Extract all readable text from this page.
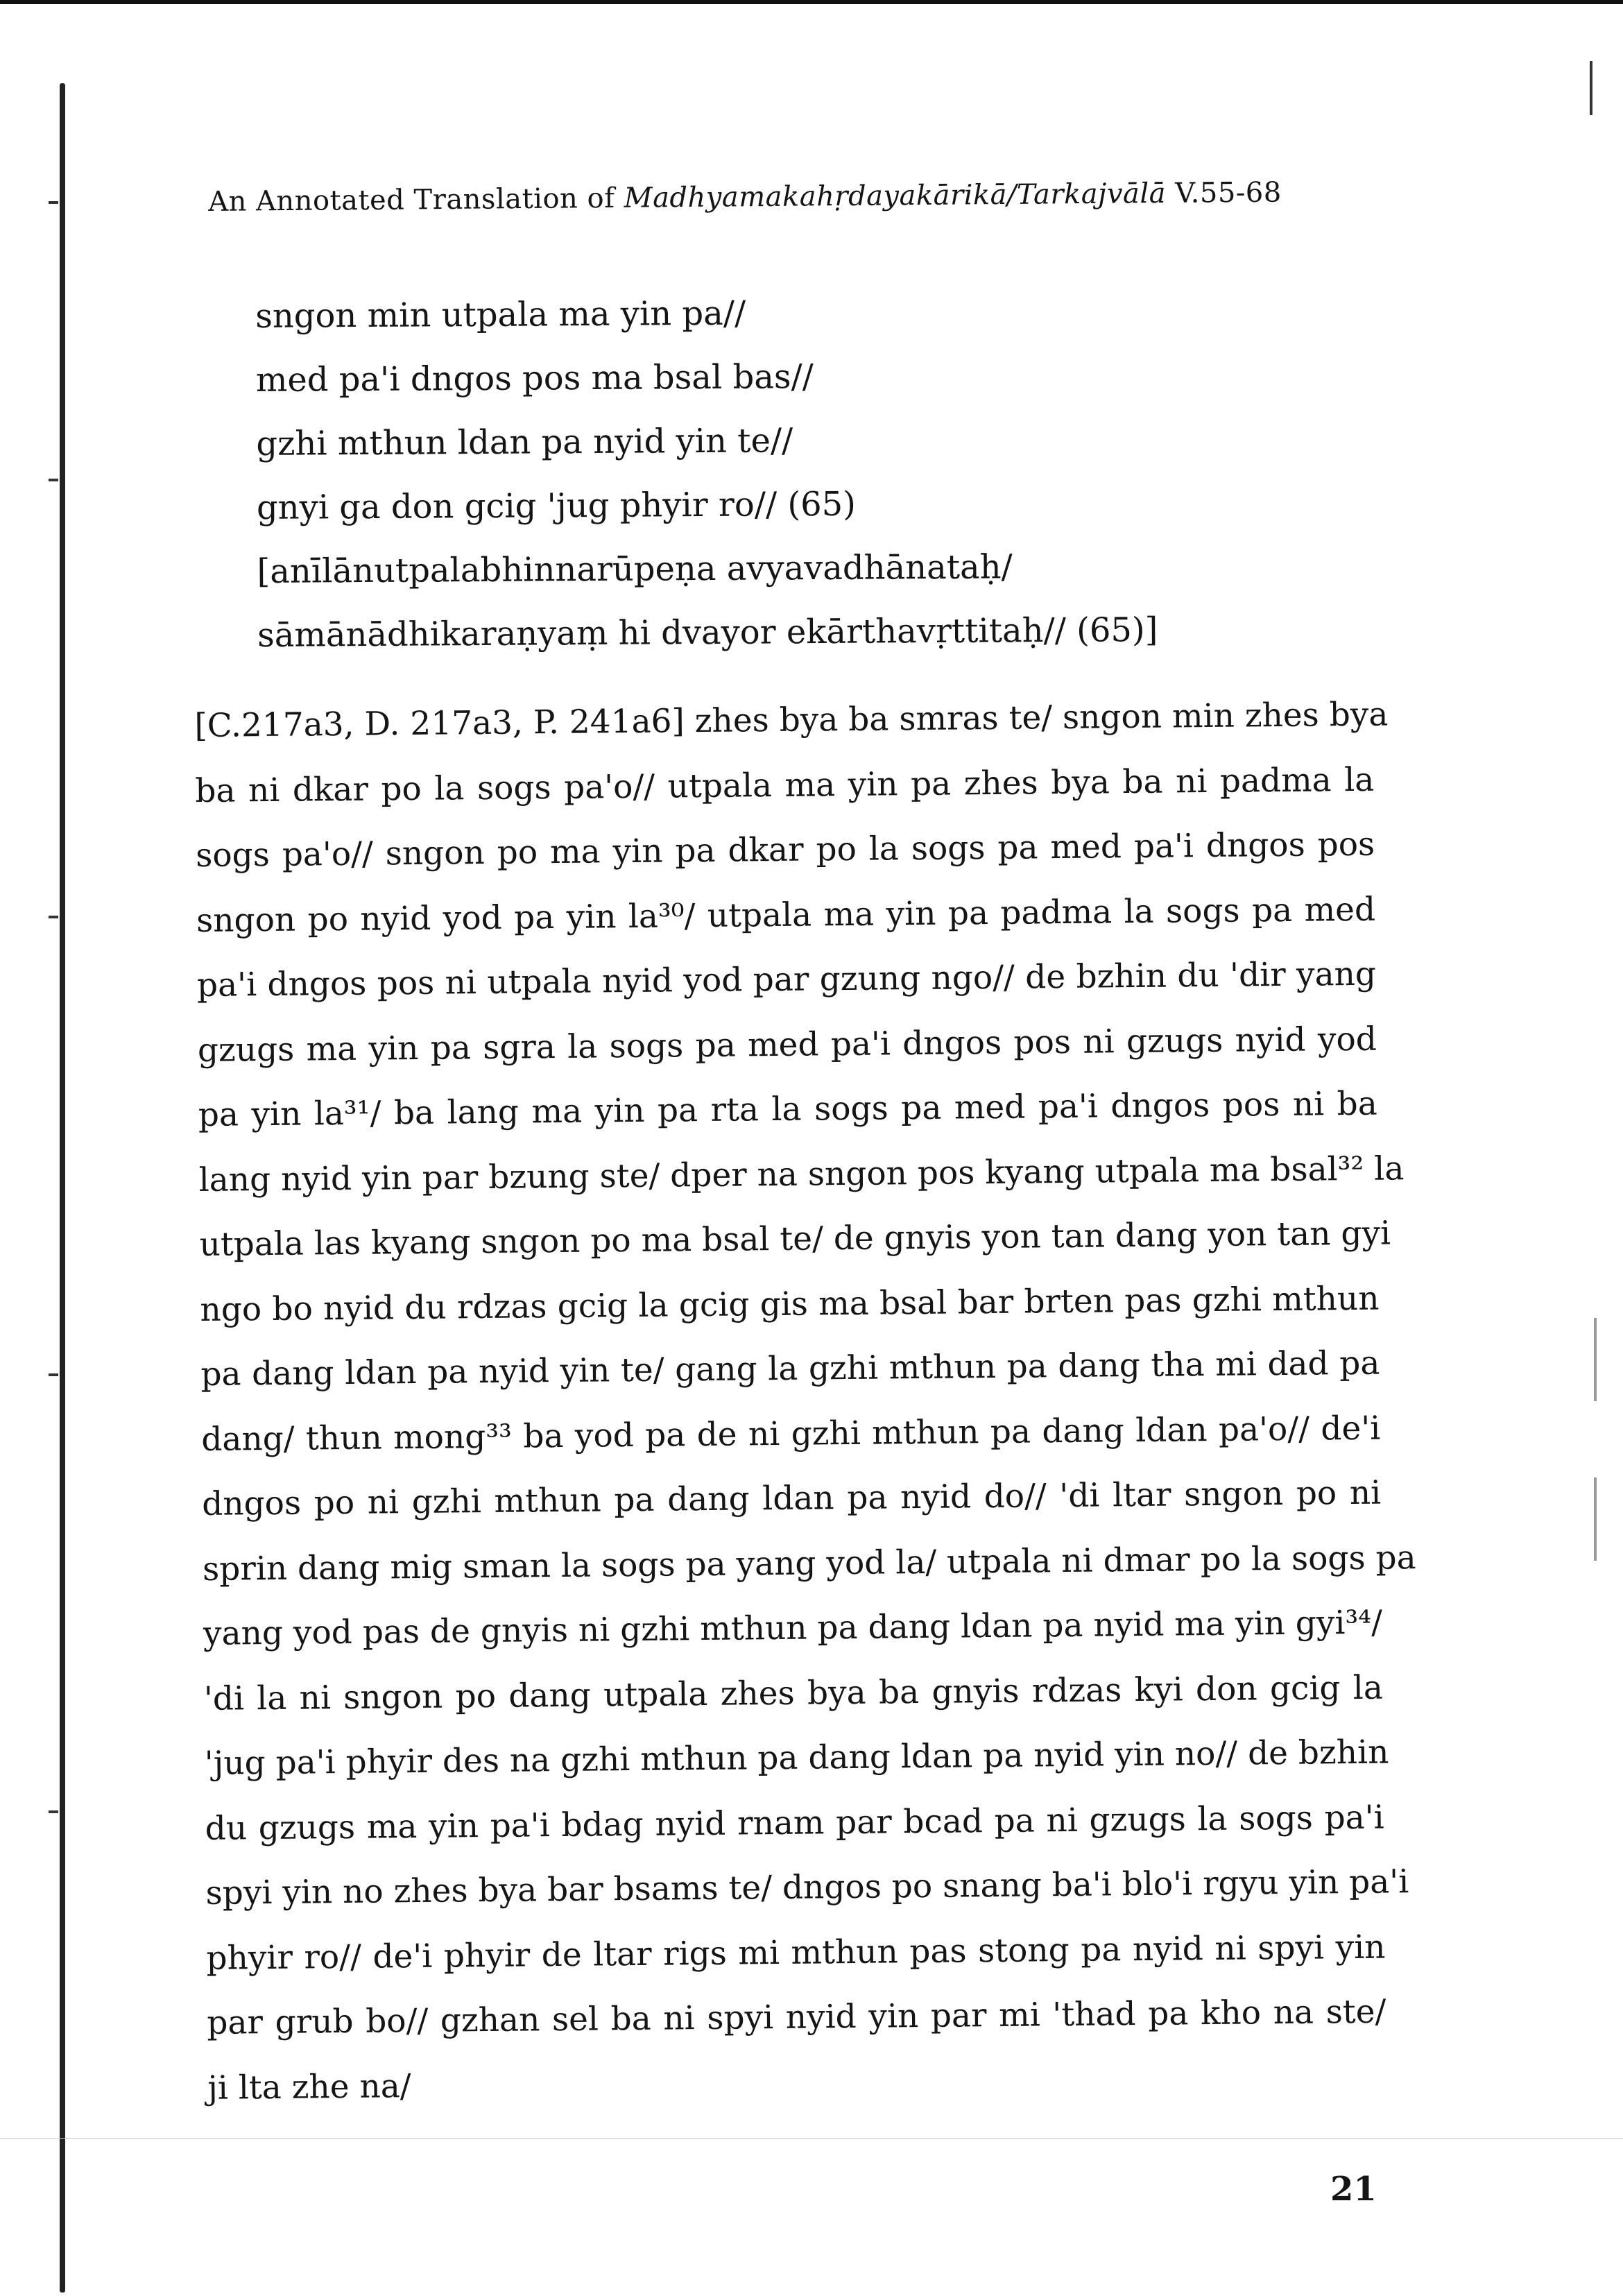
An Annotated Translation of Madhyamakahṛdayakārikā/Tarkajvālā V.55-68
sngon min utpala ma yin pa//
med pa'i dngos pos ma bsal bas//
gzhi mthun ldan pa nyid yin te//
gnyi ga don gcig 'jug phyir ro// (65)
[anīlānutpalabhinnarūpeṇa avyavadhānataḥ/
sāmānādhikaraṇyaṃ hi dvayor ekārthavṛttitaḥ// (65)]
[C.217a3, D. 217a3, P. 241a6] zhes bya ba smras te/ sngon min zhes bya
ba ni dkar po la sogs pa'o// utpala ma yin pa zhes bya ba ni padma la
sogs pa'o// sngon po ma yin pa dkar po la sogs pa med pa'i dngos pos
sngon po nyid yod pa yin la³⁰/ utpala ma yin pa padma la sogs pa med
pa'i dngos pos ni utpala nyid yod par gzung ngo// de bzhin du 'dir yang
gzugs ma yin pa sgra la sogs pa med pa'i dngos pos ni gzugs nyid yod
pa yin la³¹/ ba lang ma yin pa rta la sogs pa med pa'i dngos pos ni ba
lang nyid yin par bzung ste/ dper na sngon pos kyang utpala ma bsal³² la
utpala las kyang sngon po ma bsal te/ de gnyis yon tan dang yon tan gyi
ngo bo nyid du rdzas gcig la gcig gis ma bsal bar brten pas gzhi mthun
pa dang ldan pa nyid yin te/ gang la gzhi mthun pa dang tha mi dad pa
dang/ thun mong³³ ba yod pa de ni gzhi mthun pa dang ldan pa'o// de'i
dngos po ni gzhi mthun pa dang ldan pa nyid do// 'di ltar sngon po ni
sprin dang mig sman la sogs pa yang yod la/ utpala ni dmar po la sogs pa
yang yod pas de gnyis ni gzhi mthun pa dang ldan pa nyid ma yin gyi³⁴/
'di la ni sngon po dang utpala zhes bya ba gnyis rdzas kyi don gcig la
'jug pa'i phyir des na gzhi mthun pa dang ldan pa nyid yin no// de bzhin
du gzugs ma yin pa'i bdag nyid rnam par bcad pa ni gzugs la sogs pa'i
spyi yin no zhes bya bar bsams te/ dngos po snang ba'i blo'i rgyu yin pa'i
phyir ro// de'i phyir de ltar rigs mi mthun pas stong pa nyid ni spyi yin
par grub bo// gzhan sel ba ni spyi nyid yin par mi 'thad pa kho na ste/
ji lta zhe na/
21
